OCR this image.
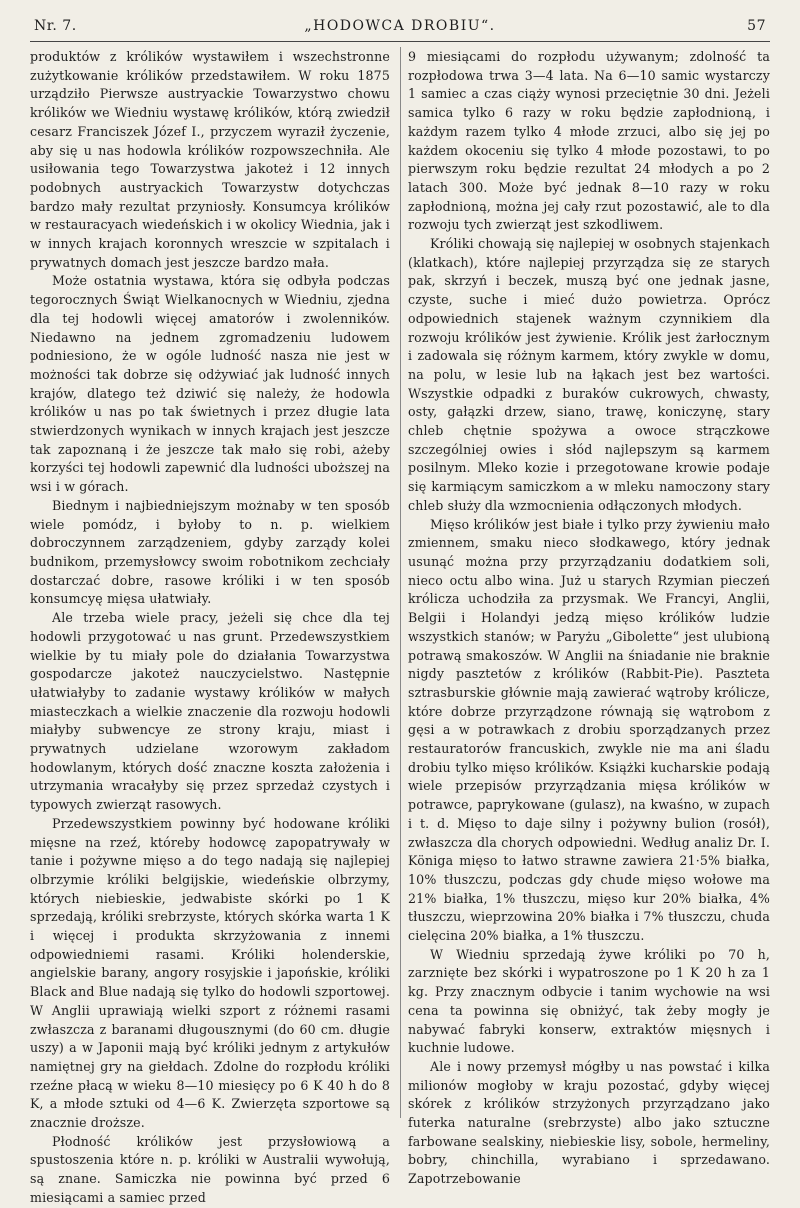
Nr. 7.	„HODOWCA DROBIU“.	57

produktów z królików wystawiłem i wszechstronne zużytkowanie królików przedstawiłem. W roku 1875 urządziło Pierwsze austryackie Towarzystwo chowu królików we Wiedniu wystawę królików, którą zwiedził cesarz Franciszek Józef I., przyczem wyraził życzenie, aby się u nas hodowla królików rozpowszechniła. Ale usiłowania tego Towarzystwa jakoteż i 12 innych podobnych austryackich Towarzystw dotychczas bardzo mały rezultat przyniosły. Konsumcya królików w restauracyach wiedeńskich i w okolicy Wiednia, jak i w innych krajach koronnych wreszcie w szpitalach i prywatnych domach jest jeszcze bardzo mała.

Może ostatnia wystawa, która się odbyła podczas tegorocznych Świąt Wielkanocnych w Wiedniu, zjedna dla tej hodowli więcej amatorów i zwolenników. Niedawno na jednem zgromadzeniu ludowem podniesiono, że w ogóle ludność nasza nie jest w możności tak dobrze się odżywiać jak ludność innych krajów, dlatego też dziwić się należy, że hodowla królików u nas po tak świetnych i przez długie lata stwierdzonych wynikach w innych krajach jest jeszcze tak zapoznaną i że jeszcze tak mało się robi, ażeby korzyści tej hodowli zapewnić dla ludności uboższej na wsi i w górach.

Biednym i najbiedniejszym możnaby w ten sposób wiele pomódz, i byłoby to n. p. wielkiem dobroczynnem zarządzeniem, gdyby zarządy kolei budnikom, przemysłowcy swoim robotnikom zechciały dostarczać dobre, rasowe króliki i w ten sposób konsumcyę mięsa ułatwiały.

Ale trzeba wiele pracy, jeżeli się chce dla tej hodowli przygotować u nas grunt. Przedewszystkiem wielkie by tu miały pole do działania Towarzystwa gospodarcze jakoteż nauczycielstwo. Następnie ułatwiałyby to zadanie wystawy królików w małych miasteczkach a wielkie znaczenie dla rozwoju hodowli miałyby subwencye ze strony kraju, miast i prywatnych udzielane wzorowym zakładom hodowlanym, których dość znaczne koszta założenia i utrzymania wracałyby się przez sprzedaż czystych i typowych zwierząt rasowych.

Przedewszystkiem powinny być hodowane króliki mięsne na rzeź, któreby hodowcę zapopatrywały w tanie i pożywne mięso a do tego nadają się najlepiej olbrzymie króliki belgijskie, wiedeńskie olbrzymy, których niebieskie, jedwabiste skórki po 1 K sprzedają, króliki srebrzyste, których skórka warta 1 K i więcej i produkta skrzyżowania z innemi odpowiedniemi rasami. Króliki holenderskie, angielskie barany, angory rosyjskie i japońskie, króliki Black and Blue nadają się tylko do hodowli szportowej. W Anglii uprawiają wielki szport z różnemi rasami zwłaszcza z baranami długousznymi (do 60 cm. długie uszy) a w Japonii mają być króliki jednym z artykułów namiętnej gry na giełdach. Zdolne do rozpłodu króliki rzeźne płacą w wieku 8—10 miesięcy po 6 K 40 h do 8 K, a młode sztuki od 4—6 K. Zwierzęta szportowe są znacznie droższe.

Płodność królików jest przysłowiową a spustoszenia które n. p. króliki w Australii wywołują, są znane. Samiczka nie powinna być przed 6 miesiącami a samiec przed

9 miesiącami do rozpłodu używanym; zdolność ta rozpłodowa trwa 3—4 lata. Na 6—10 samic wystarczy 1 samiec a czas ciąży wynosi przeciętnie 30 dni. Jeżeli samica tylko 6 razy w roku będzie zapłodnioną, i każdym razem tylko 4 młode zrzuci, albo się jej po każdem okoceniu się tylko 4 młode pozostawi, to po pierwszym roku będzie rezultat 24 młodych a po 2 latach 300. Może być jednak 8—10 razy w roku zapłodnioną, można jej cały rzut pozostawić, ale to dla rozwoju tych zwierząt jest szkodliwem.

Króliki chowają się najlepiej w osobnych stajenkach (klatkach), które najlepiej przyrządza się ze starych pak, skrzyń i beczek, muszą być one jednak jasne, czyste, suche i mieć dużo powietrza. Oprócz odpowiednich stajenek ważnym czynnikiem dla rozwoju królików jest żywienie. Królik jest żarłocznym i zadowala się różnym karmem, który zwykle w domu, na polu, w lesie lub na łąkach jest bez wartości. Wszystkie odpadki z buraków cukrowych, chwasty, osty, gałązki drzew, siano, trawę, koniczynę, stary chleb chętnie spożywa a owoce strączkowe szczególniej owies i słód najlepszym są karmem posilnym. Mleko kozie i przegotowane krowie podaje się karmiącym samiczkom a w mleku namoczony stary chleb służy dla wzmocnienia odłączonych młodych.

Mięso królików jest białe i tylko przy żywieniu mało zmiennem, smaku nieco słodkawego, który jednak usunąć można przy przyrządzaniu dodatkiem soli, nieco octu albo wina. Już u starych Rzymian pieczeń królicza uchodziła za przysmak. We Francyi, Anglii, Belgii i Holandyi jedzą mięso królików ludzie wszystkich stanów; w Paryżu „Gibolette“ jest ulubioną potrawą smakoszów. W Anglii na śniadanie nie braknie nigdy pasztetów z królików (Rabbit-Pie). Paszteta sztrasburskie głównie mają zawierać wątroby królicze, które dobrze przyrządzone równają się wątrobom z gęsi a w potrawkach z drobiu sporządzanych przez restauratorów francuskich, zwykle nie ma ani śladu drobiu tylko mięso królików. Książki kucharskie podają wiele przepisów przyrządzania mięsa królików w potrawce, paprykowane (gulasz), na kwaśno, w zupach i t. d. Mięso to daje silny i pożywny bulion (rosół), zwłaszcza dla chorych odpowiedni. Według analiz Dr. I. Königa mięso to łatwo strawne zawiera 21·5% białka, 10% tłuszczu, podczas gdy chude mięso wołowe ma 21% białka, 1% tłuszczu, mięso kur 20% białka, 4% tłuszczu, wieprzowina 20% białka i 7% tłuszczu, chuda cielęcina 20% białka, a 1% tłuszczu.

W Wiedniu sprzedają żywe króliki po 70 h, zarznięte bez skórki i wypatroszone po 1 K 20 h za 1 kg. Przy znacznym odbycie i tanim wychowie na wsi cena ta powinna się obniżyć, tak żeby mogły je nabywać fabryki konserw, extraktów mięsnych i kuchnie ludowe.

Ale i nowy przemysł mógłby u nas powstać i kilka milionów mogłoby w kraju pozostać, gdyby więcej skórek z królików strzyżonych przyrządzano jako futerka naturalne (srebrzyste) albo jako sztuczne farbowane sealskiny, niebieskie lisy, sobole, hermeliny, bobry, chinchilla, wyrabiano i sprzedawano. Zapotrzebowanie
